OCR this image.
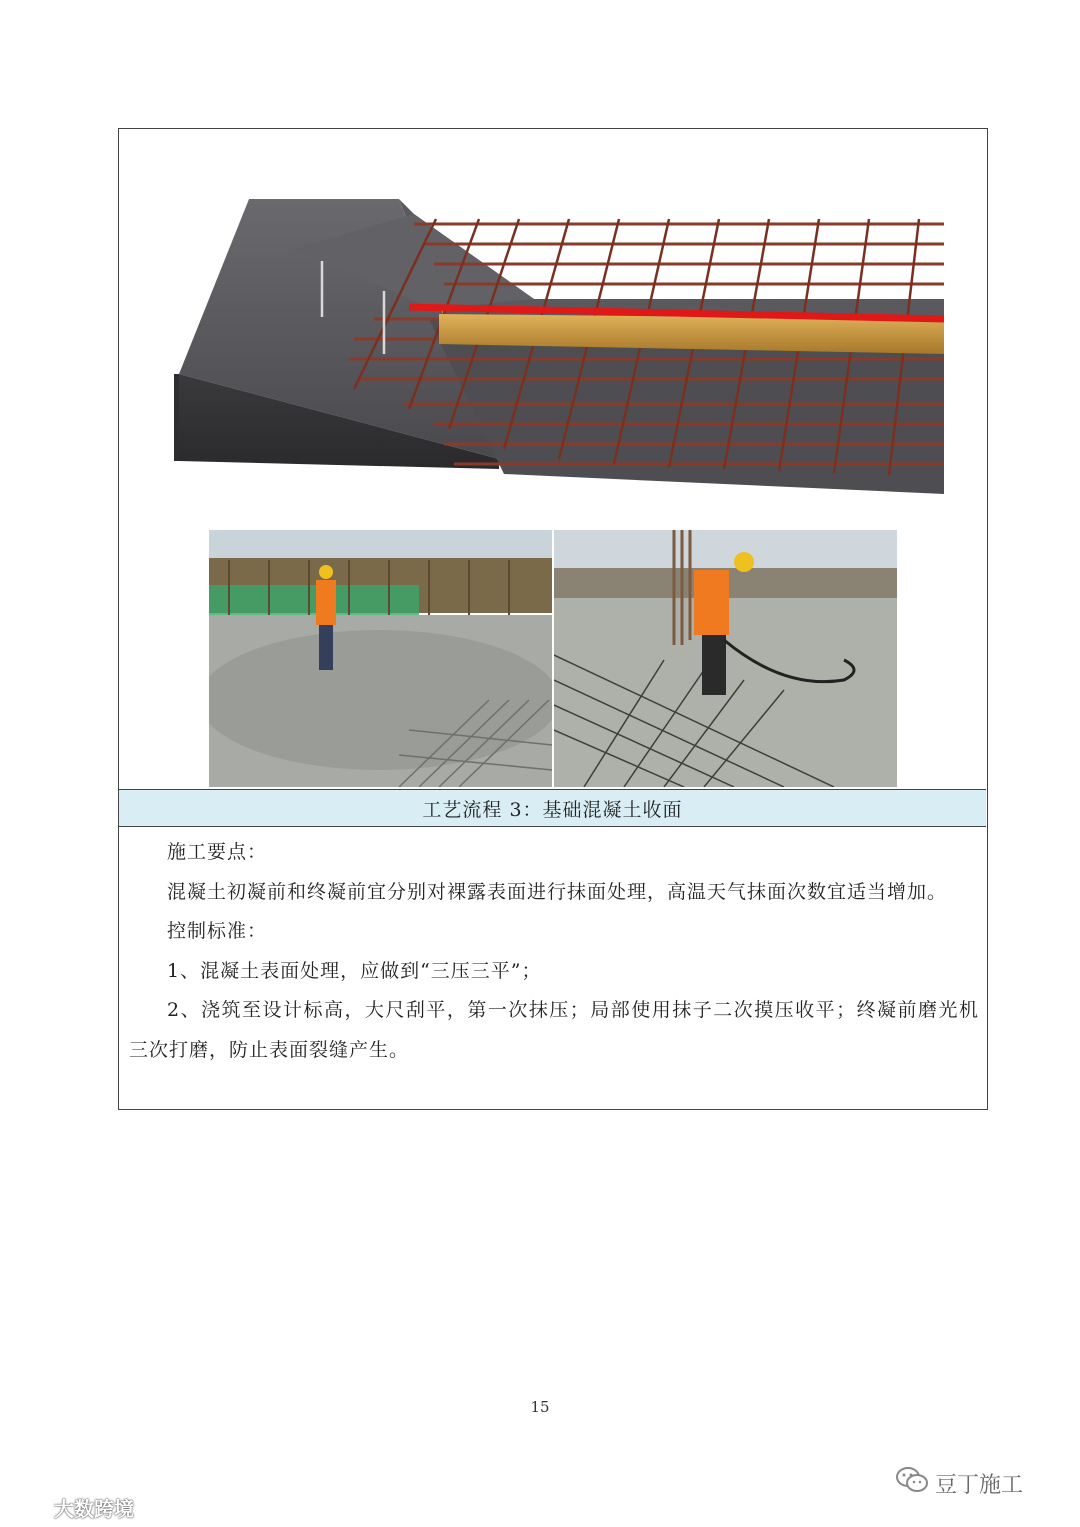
工艺流程 3：基础混凝土收面

施工要点：

混凝土初凝前和终凝前宜分别对裸露表面进行抹面处理，高温天气抹面次数宜适当增加。

控制标准：

1、混凝土表面处理，应做到“三压三平”；

2、浇筑至设计标高，大尺刮平，第一次抹压；局部使用抹子二次摸压收平；终凝前磨光机三次打磨，防止表面裂缝产生。

15
豆丁施工
大数跨境
